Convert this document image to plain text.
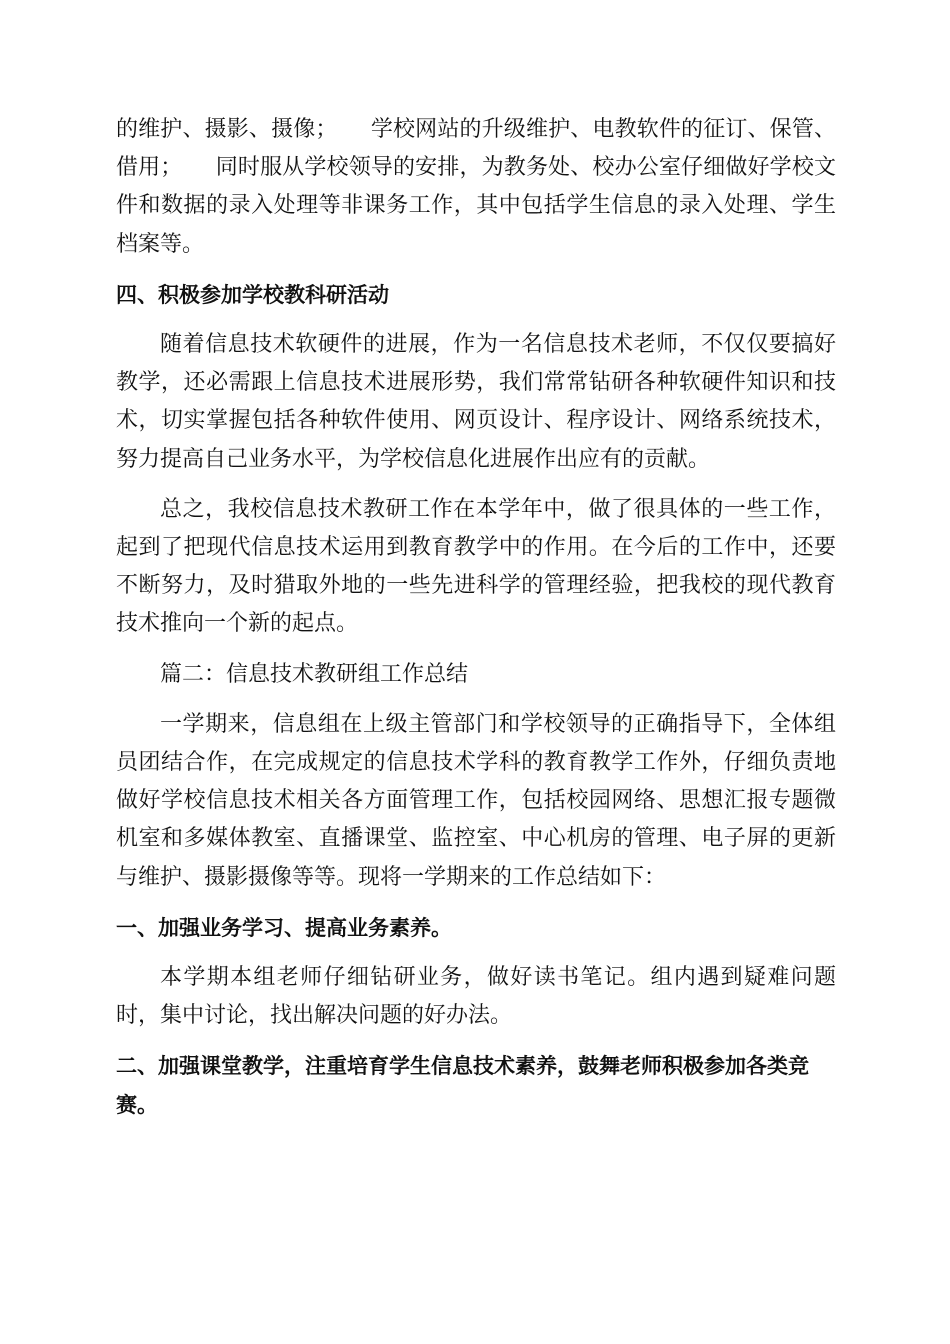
的维护、摄影、摄像；　　学校网站的升级维护、电教软件的征订、保管、借用；　　同时服从学校领导的安排，为教务处、校办公室仔细做好学校文件和数据的录入处理等非课务工作，其中包括学生信息的录入处理、学生档案等。

四、积极参加学校教科研活动

随着信息技术软硬件的进展，作为一名信息技术老师，不仅仅要搞好教学，还必需跟上信息技术进展形势，我们常常钻研各种软硬件知识和技术，切实掌握包括各种软件使用、网页设计、程序设计、网络系统技术，努力提高自己业务水平，为学校信息化进展作出应有的贡献。

总之，我校信息技术教研工作在本学年中，做了很具体的一些工作，起到了把现代信息技术运用到教育教学中的作用。在今后的工作中，还要不断努力，及时猎取外地的一些先进科学的管理经验，把我校的现代教育技术推向一个新的起点。

篇二：信息技术教研组工作总结

一学期来，信息组在上级主管部门和学校领导的正确指导下，全体组员团结合作，在完成规定的信息技术学科的教育教学工作外，仔细负责地做好学校信息技术相关各方面管理工作，包括校园网络、思想汇报专题微机室和多媒体教室、直播课堂、监控室、中心机房的管理、电子屏的更新与维护、摄影摄像等等。现将一学期来的工作总结如下：

一、加强业务学习、提高业务素养。

本学期本组老师仔细钻研业务，做好读书笔记。组内遇到疑难问题时，集中讨论，找出解决问题的好办法。

二、加强课堂教学，注重培育学生信息技术素养，鼓舞老师积极参加各类竞赛。
